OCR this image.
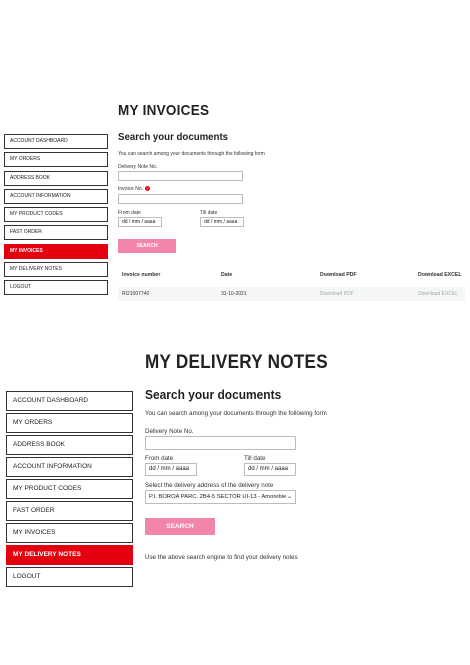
MY INVOICES
Search your documents
You can search among your documents through the following form
Delivery Note No.
Invoice No. ?
From date
dd / mm / aaaa
Till date
dd / mm / aaaa
SEARCH
Invoice number	Date	Download PDF	Download EXCEL
RI21007740	31-10-2021	Download PDF	Download EXCEL
ACCOUNT DASHBOARD
MY ORDERS
ADDRESS BOOK
ACCOUNT INFORMATION
MY PRODUCT CODES
FAST ORDER
MY INVOICES
MY DELIVERY NOTES
LOGOUT
MY DELIVERY NOTES
Search your documents
You can search among your documents through the following form
Delivery Note No.
From date
dd / mm / aaaa
Till date
dd / mm / aaaa
Select the delivery address of the delivery note
P.I. BOROA PARC. 2B4-5 SECTOR UI-13 - Amorebie ⌄
SEARCH
Use the above search engine to find your delivery notes
ACCOUNT DASHBOARD
MY ORDERS
ADDRESS BOOK
ACCOUNT INFORMATION
MY PRODUCT CODES
FAST ORDER
MY INVOICES
MY DELIVERY NOTES
LOGOUT
